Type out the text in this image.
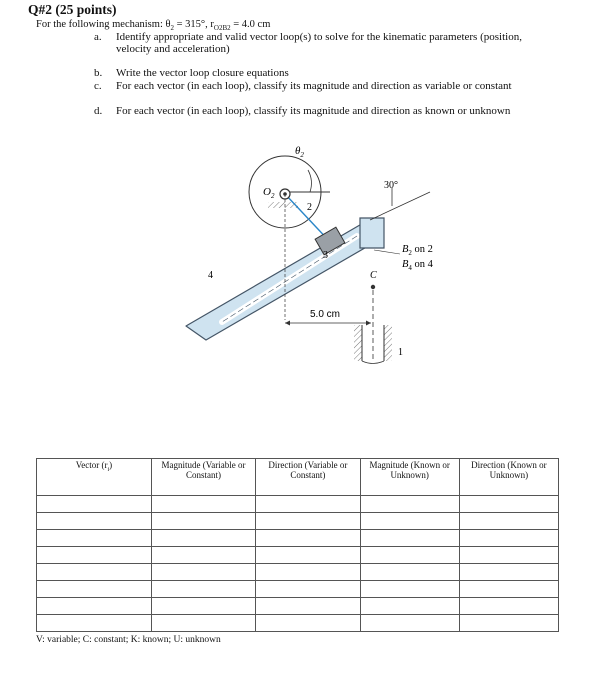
Q#2 (25 points)
For the following mechanism: $\theta_2 = 315^\circ$, $r_{O2B2} = 4.0$ cm
a. Identify appropriate and valid vector loop(s) to solve for the kinematic parameters (position, velocity and acceleration)
b. Write the vector loop closure equations
c. For each vector (in each loop), classify its magnitude and direction as variable or constant
d. For each vector (in each loop), classify its magnitude and direction as known or unknown
$\theta_2$
$O_2$
2
3
4
30°
$B_2$ on 2
$B_4$ on 4
C
1
5.0 cm
Vector $(r_i)$	Magnitude (Variable or Constant)	Direction (Variable or Constant)	Magnitude (Known or Unknown)	Direction (Known or Unknown)

V: variable; C: constant; K: known; U: unknown
